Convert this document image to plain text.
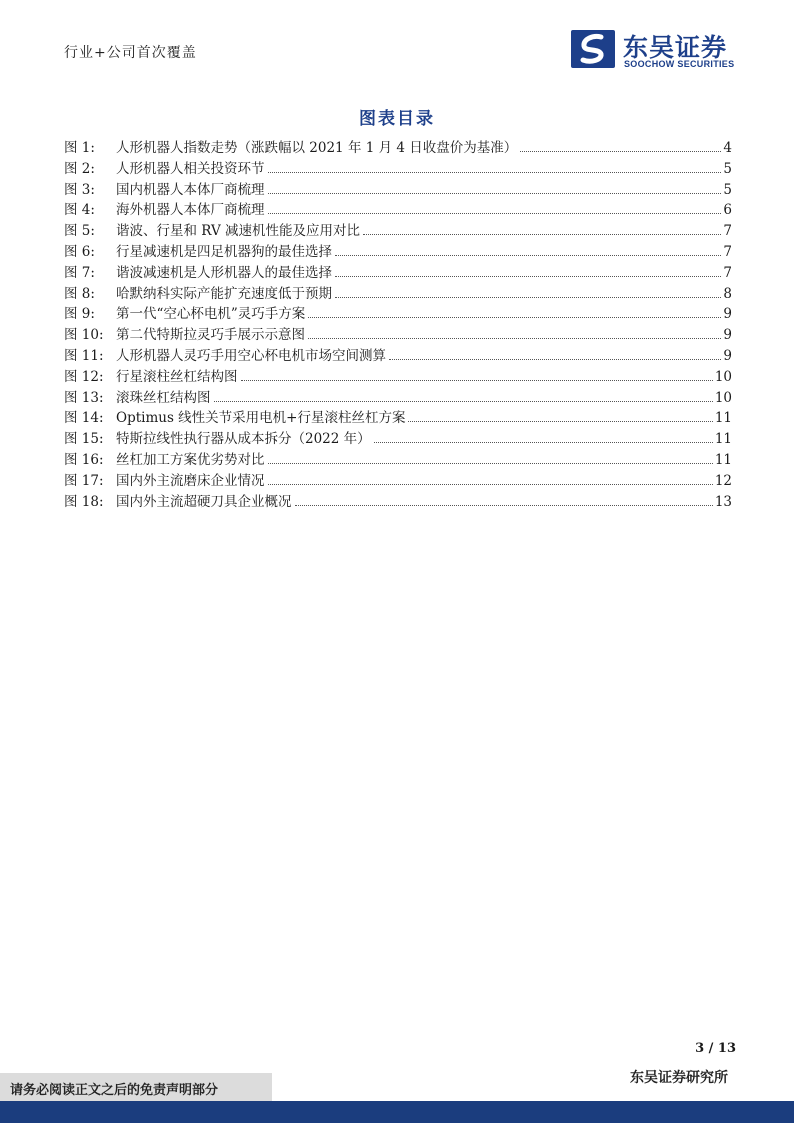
行业+公司首次覆盖	东吴证券
SOOCHOW SECURITIES
图表目录
图 1:	人形机器人指数走势（涨跌幅以 2021 年 1 月 4 日收盘价为基准）	4
图 2:	人形机器人相关投资环节	5
图 3:	国内机器人本体厂商梳理	5
图 4:	海外机器人本体厂商梳理	6
图 5:	谐波、行星和 RV 减速机性能及应用对比	7
图 6:	行星减速机是四足机器狗的最佳选择	7
图 7:	谐波减速机是人形机器人的最佳选择	7
图 8:	哈默纳科实际产能扩充速度低于预期	8
图 9:	第一代“空心杯电机”灵巧手方案	9
图 10: 第二代特斯拉灵巧手展示示意图	9
图 11: 人形机器人灵巧手用空心杯电机市场空间测算	9
图 12: 行星滚柱丝杠结构图	10
图 13: 滚珠丝杠结构图	10
图 14: Optimus 线性关节采用电机+行星滚柱丝杠方案	11
图 15: 特斯拉线性执行器从成本拆分（2022 年）	11
图 16: 丝杠加工方案优劣势对比	11
图 17: 国内外主流磨床企业情况	12
图 18: 国内外主流超硬刀具企业概况	13
3 / 13
请务必阅读正文之后的免责声明部分
东吴证券研究所
